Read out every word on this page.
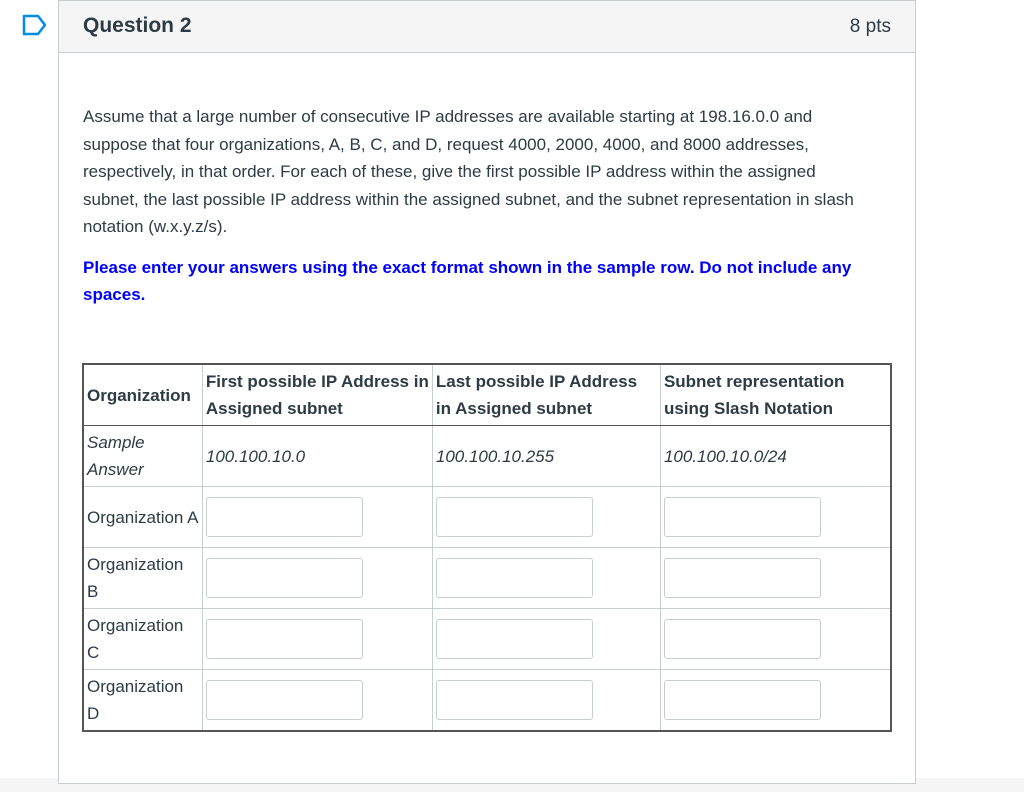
Question 2	8 pts
Assume that a large number of consecutive IP addresses are available starting at 198.16.0.0 and suppose that four organizations, A, B, C, and D, request 4000, 2000, 4000, and 8000 addresses, respectively, in that order. For each of these, give the first possible IP address within the assigned subnet, the last possible IP address within the assigned subnet, and the subnet representation in slash notation (w.x.y.z/s).
Please enter your answers using the exact format shown in the sample row. Do not include any spaces.
Organization	First possible IP Address in Assigned subnet	Last possible IP Address in Assigned subnet	Subnet representation using Slash Notation
Sample Answer	100.100.10.0	100.100.10.255	100.100.10.0/24
Organization A	

Organization B	

Organization C	

Organization D	
